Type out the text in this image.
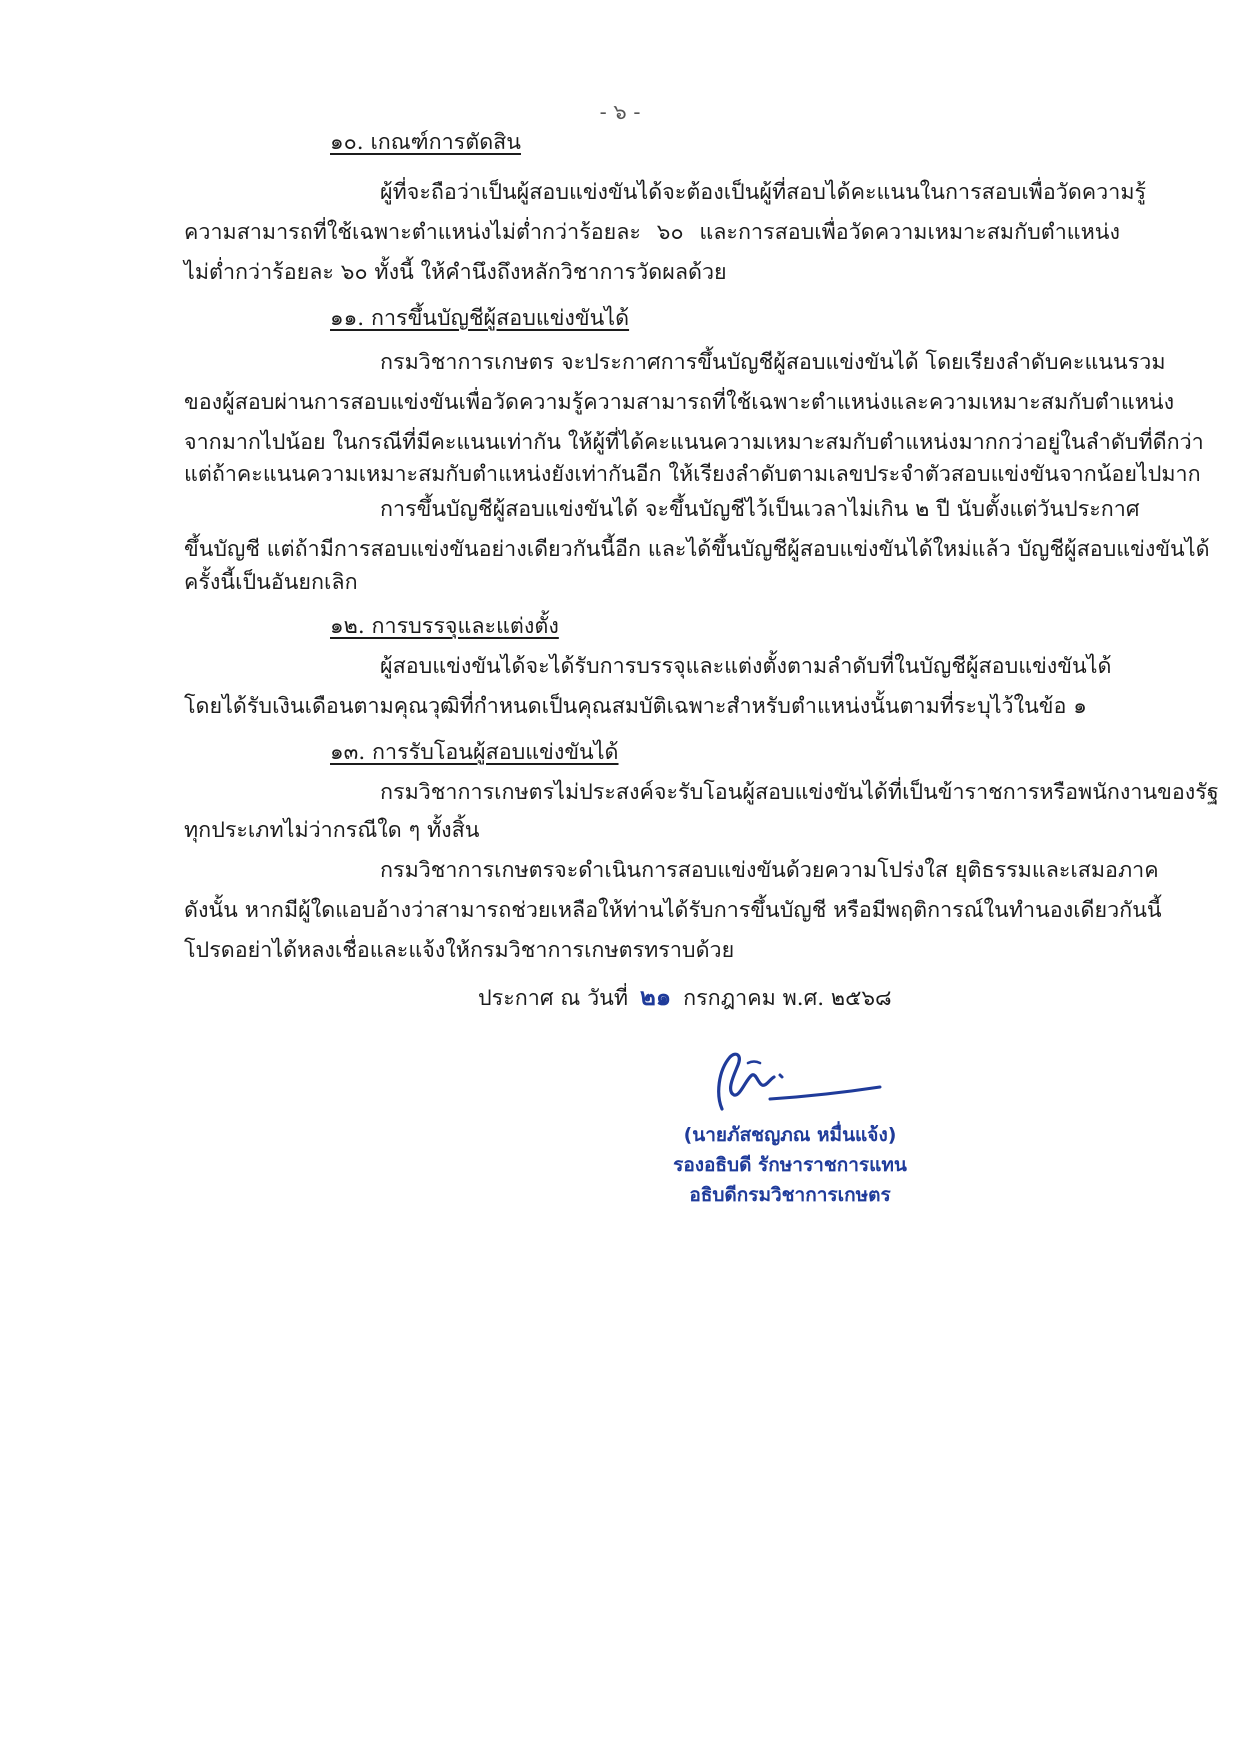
- ๖ -
๑๐. เกณฑ์การตัดสิน
ผู้ที่จะถือว่าเป็นผู้สอบแข่งขันได้จะต้องเป็นผู้ที่สอบได้คะแนนในการสอบเพื่อวัดความรู้
ความสามารถที่ใช้เฉพาะตำแหน่งไม่ต่ำกว่าร้อยละ ๖๐ และการสอบเพื่อวัดความเหมาะสมกับตำแหน่ง
ไม่ต่ำกว่าร้อยละ ๖๐ ทั้งนี้ ให้คำนึงถึงหลักวิชาการวัดผลด้วย
๑๑. การขึ้นบัญชีผู้สอบแข่งขันได้
กรมวิชาการเกษตร จะประกาศการขึ้นบัญชีผู้สอบแข่งขันได้ โดยเรียงลำดับคะแนนรวม
ของผู้สอบผ่านการสอบแข่งขันเพื่อวัดความรู้ความสามารถที่ใช้เฉพาะตำแหน่งและความเหมาะสมกับตำแหน่ง
จากมากไปน้อย ในกรณีที่มีคะแนนเท่ากัน ให้ผู้ที่ได้คะแนนความเหมาะสมกับตำแหน่งมากกว่าอยู่ในลำดับที่ดีกว่า
แต่ถ้าคะแนนความเหมาะสมกับตำแหน่งยังเท่ากันอีก ให้เรียงลำดับตามเลขประจำตัวสอบแข่งขันจากน้อยไปมาก
การขึ้นบัญชีผู้สอบแข่งขันได้ จะขึ้นบัญชีไว้เป็นเวลาไม่เกิน ๒ ปี นับตั้งแต่วันประกาศ
ขึ้นบัญชี แต่ถ้ามีการสอบแข่งขันอย่างเดียวกันนี้อีก และได้ขึ้นบัญชีผู้สอบแข่งขันได้ใหม่แล้ว บัญชีผู้สอบแข่งขันได้
ครั้งนี้เป็นอันยกเลิก
๑๒. การบรรจุและแต่งตั้ง
ผู้สอบแข่งขันได้จะได้รับการบรรจุและแต่งตั้งตามลำดับที่ในบัญชีผู้สอบแข่งขันได้
โดยได้รับเงินเดือนตามคุณวุฒิที่กำหนดเป็นคุณสมบัติเฉพาะสำหรับตำแหน่งนั้นตามที่ระบุไว้ในข้อ ๑
๑๓. การรับโอนผู้สอบแข่งขันได้
กรมวิชาการเกษตรไม่ประสงค์จะรับโอนผู้สอบแข่งขันได้ที่เป็นข้าราชการหรือพนักงานของรัฐ
ทุกประเภทไม่ว่ากรณีใด ๆ ทั้งสิ้น
กรมวิชาการเกษตรจะดำเนินการสอบแข่งขันด้วยความโปร่งใส ยุติธรรมและเสมอภาค
ดังนั้น หากมีผู้ใดแอบอ้างว่าสามารถช่วยเหลือให้ท่านได้รับการขึ้นบัญชี หรือมีพฤติการณ์ในทำนองเดียวกันนี้
โปรดอย่าได้หลงเชื่อและแจ้งให้กรมวิชาการเกษตรทราบด้วย
ประกาศ ณ วันที่ ๒๑ กรกฎาคม พ.ศ. ๒๕๖๘
(นายภัสชญภณ หมื่นแจ้ง)
รองอธิบดี รักษาราชการแทน
อธิบดีกรมวิชาการเกษตร
